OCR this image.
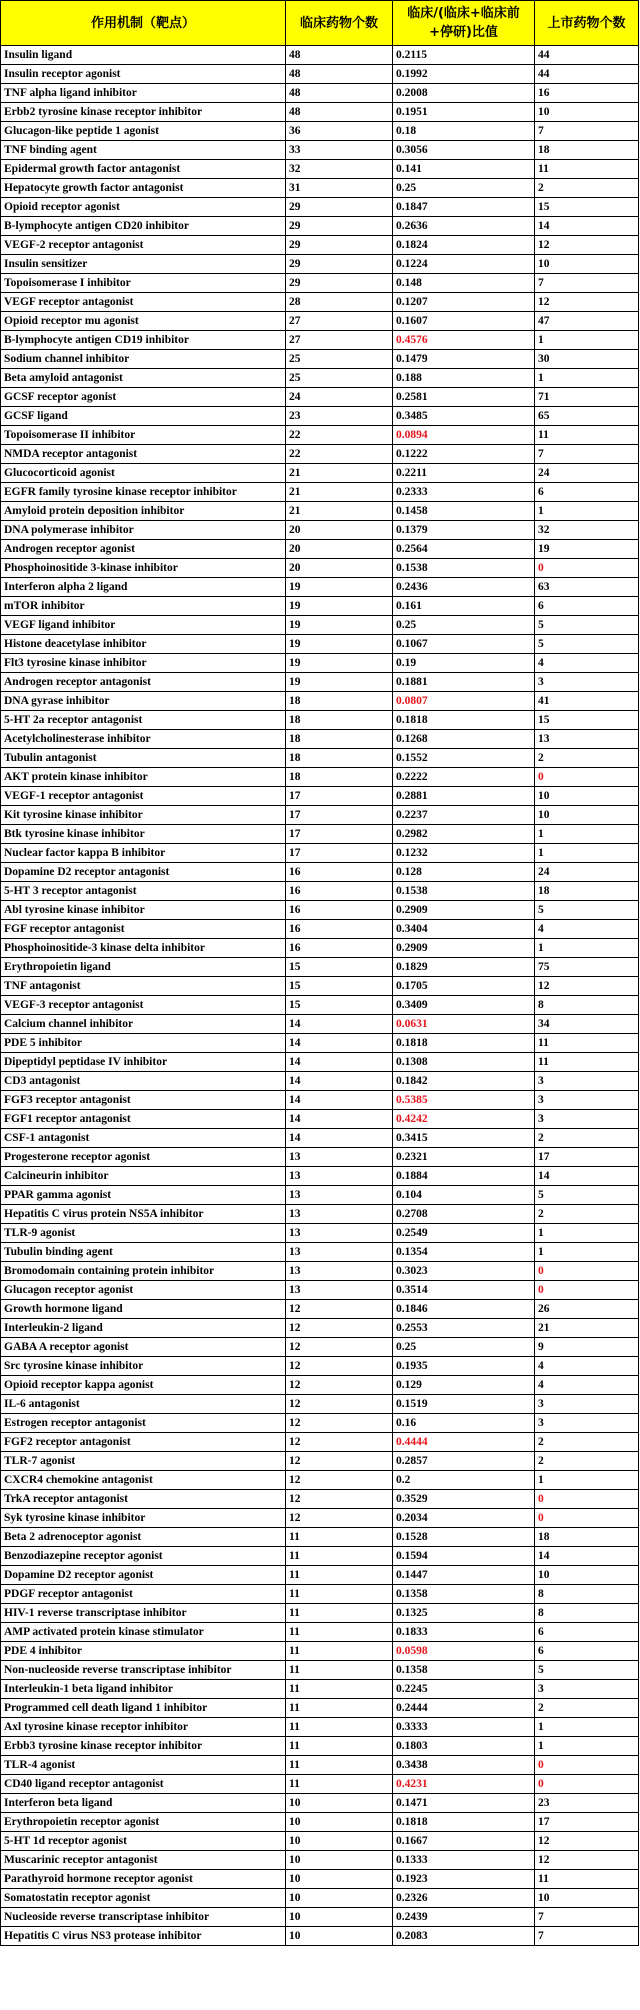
作用机制（靶点）	临床药物个数	临床/(临床+临床前+停研)比值	上市药物个数
Insulin ligand	48	0.2115	44
Insulin receptor agonist	48	0.1992	44
TNF alpha ligand inhibitor	48	0.2008	16
Erbb2 tyrosine kinase receptor inhibitor	48	0.1951	10
Glucagon-like peptide 1 agonist	36	0.18	7
TNF binding agent	33	0.3056	18
Epidermal growth factor antagonist	32	0.141	11
Hepatocyte growth factor antagonist	31	0.25	2
Opioid receptor agonist	29	0.1847	15
B-lymphocyte antigen CD20 inhibitor	29	0.2636	14
VEGF-2 receptor antagonist	29	0.1824	12
Insulin sensitizer	29	0.1224	10
Topoisomerase I inhibitor	29	0.148	7
VEGF receptor antagonist	28	0.1207	12
Opioid receptor mu agonist	27	0.1607	47
B-lymphocyte antigen CD19 inhibitor	27	0.4576	1
Sodium channel inhibitor	25	0.1479	30
Beta amyloid antagonist	25	0.188	1
GCSF receptor agonist	24	0.2581	71
GCSF ligand	23	0.3485	65
Topoisomerase II inhibitor	22	0.0894	11
NMDA receptor antagonist	22	0.1222	7
Glucocorticoid agonist	21	0.2211	24
EGFR family tyrosine kinase receptor inhibitor	21	0.2333	6
Amyloid protein deposition inhibitor	21	0.1458	1
DNA polymerase inhibitor	20	0.1379	32
Androgen receptor agonist	20	0.2564	19
Phosphoinositide 3-kinase inhibitor	20	0.1538	0
Interferon alpha 2 ligand	19	0.2436	63
mTOR inhibitor	19	0.161	6
VEGF ligand inhibitor	19	0.25	5
Histone deacetylase inhibitor	19	0.1067	5
Flt3 tyrosine kinase inhibitor	19	0.19	4
Androgen receptor antagonist	19	0.1881	3
DNA gyrase inhibitor	18	0.0807	41
5-HT 2a receptor antagonist	18	0.1818	15
Acetylcholinesterase inhibitor	18	0.1268	13
Tubulin antagonist	18	0.1552	2
AKT protein kinase inhibitor	18	0.2222	0
VEGF-1 receptor antagonist	17	0.2881	10
Kit tyrosine kinase inhibitor	17	0.2237	10
Btk tyrosine kinase inhibitor	17	0.2982	1
Nuclear factor kappa B inhibitor	17	0.1232	1
Dopamine D2 receptor antagonist	16	0.128	24
5-HT 3 receptor antagonist	16	0.1538	18
Abl tyrosine kinase inhibitor	16	0.2909	5
FGF receptor antagonist	16	0.3404	4
Phosphoinositide-3 kinase delta inhibitor	16	0.2909	1
Erythropoietin ligand	15	0.1829	75
TNF antagonist	15	0.1705	12
VEGF-3 receptor antagonist	15	0.3409	8
Calcium channel inhibitor	14	0.0631	34
PDE 5 inhibitor	14	0.1818	11
Dipeptidyl peptidase IV inhibitor	14	0.1308	11
CD3 antagonist	14	0.1842	3
FGF3 receptor antagonist	14	0.5385	3
FGF1 receptor antagonist	14	0.4242	3
CSF-1 antagonist	14	0.3415	2
Progesterone receptor agonist	13	0.2321	17
Calcineurin inhibitor	13	0.1884	14
PPAR gamma agonist	13	0.104	5
Hepatitis C virus protein NS5A inhibitor	13	0.2708	2
TLR-9 agonist	13	0.2549	1
Tubulin binding agent	13	0.1354	1
Bromodomain containing protein inhibitor	13	0.3023	0
Glucagon receptor agonist	13	0.3514	0
Growth hormone ligand	12	0.1846	26
Interleukin-2 ligand	12	0.2553	21
GABA A receptor agonist	12	0.25	9
Src tyrosine kinase inhibitor	12	0.1935	4
Opioid receptor kappa agonist	12	0.129	4
IL-6 antagonist	12	0.1519	3
Estrogen receptor antagonist	12	0.16	3
FGF2 receptor antagonist	12	0.4444	2
TLR-7 agonist	12	0.2857	2
CXCR4 chemokine antagonist	12	0.2	1
TrkA receptor antagonist	12	0.3529	0
Syk tyrosine kinase inhibitor	12	0.2034	0
Beta 2 adrenoceptor agonist	11	0.1528	18
Benzodiazepine receptor agonist	11	0.1594	14
Dopamine D2 receptor agonist	11	0.1447	10
PDGF receptor antagonist	11	0.1358	8
HIV-1 reverse transcriptase inhibitor	11	0.1325	8
AMP activated protein kinase stimulator	11	0.1833	6
PDE 4 inhibitor	11	0.0598	6
Non-nucleoside reverse transcriptase inhibitor	11	0.1358	5
Interleukin-1 beta ligand inhibitor	11	0.2245	3
Programmed cell death ligand 1 inhibitor	11	0.2444	2
Axl tyrosine kinase receptor inhibitor	11	0.3333	1
Erbb3 tyrosine kinase receptor inhibitor	11	0.1803	1
TLR-4 agonist	11	0.3438	0
CD40 ligand receptor antagonist	11	0.4231	0
Interferon beta ligand	10	0.1471	23
Erythropoietin receptor agonist	10	0.1818	17
5-HT 1d receptor agonist	10	0.1667	12
Muscarinic receptor antagonist	10	0.1333	12
Parathyroid hormone receptor agonist	10	0.1923	11
Somatostatin receptor agonist	10	0.2326	10
Nucleoside reverse transcriptase inhibitor	10	0.2439	7
Hepatitis C virus NS3 protease inhibitor	10	0.2083	7
